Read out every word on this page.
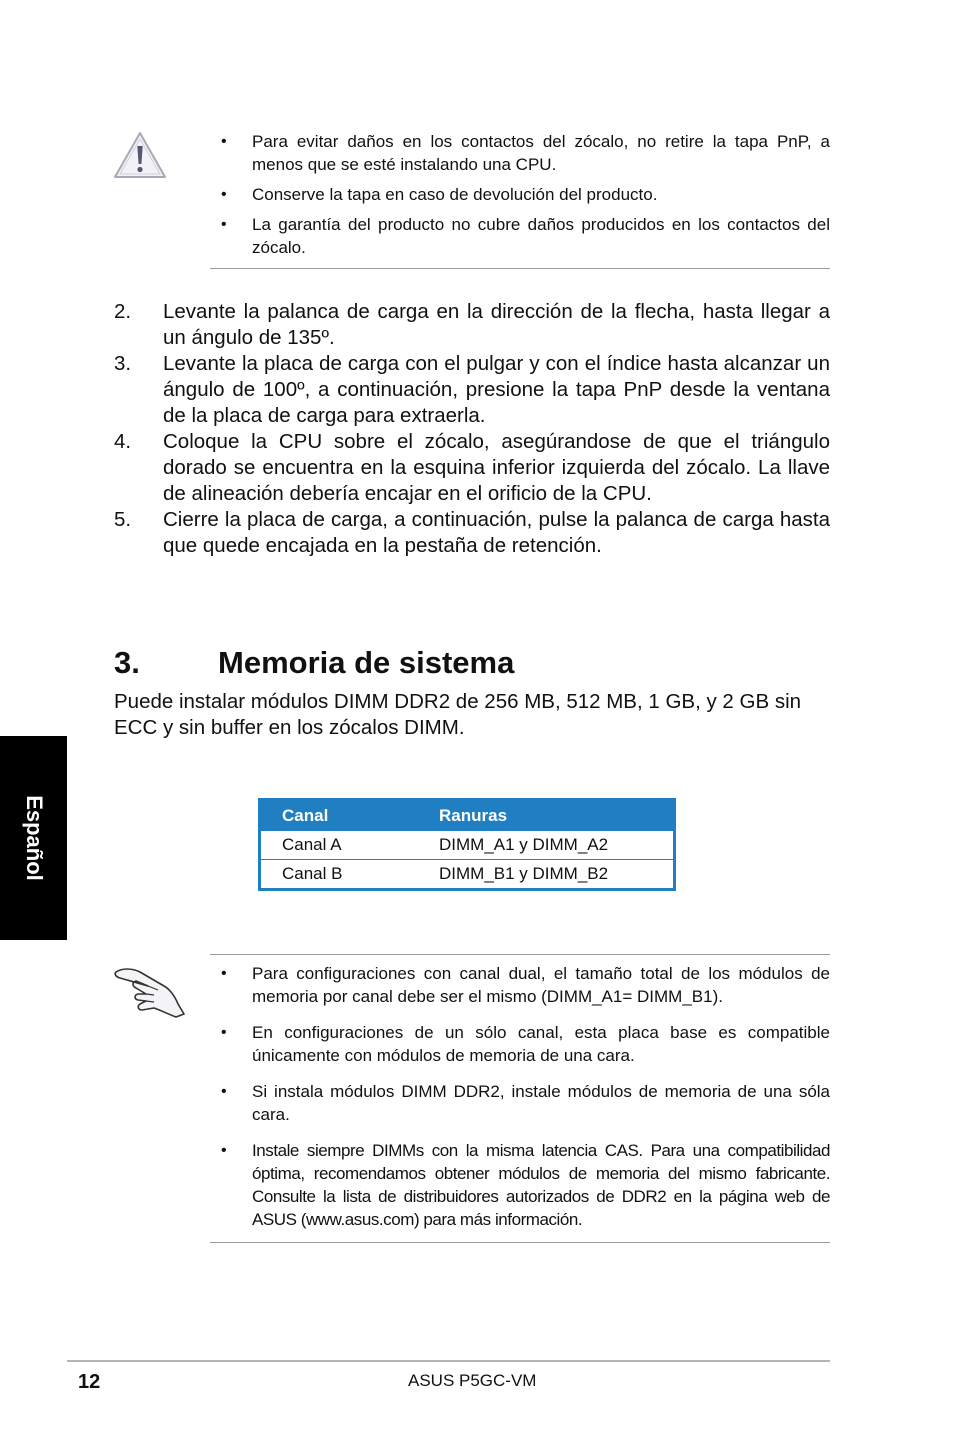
• Para evitar daños en los contactos del zócalo, no retire la tapa PnP, a menos que se esté instalando una CPU.
• Conserve la tapa en caso de devolución del producto.
• La garantía del producto no cubre daños producidos en los contactos del zócalo.
2. Levante la palanca de carga en la dirección de la flecha, hasta llegar a un ángulo de 135º.
3. Levante la placa de carga con el pulgar y con el índice hasta alcanzar un ángulo de 100º, a continuación, presione la tapa PnP desde la ventana de la placa de carga para extraerla.
4. Coloque la CPU sobre el zócalo, asegúrandose de que el triángulo dorado se encuentra en la esquina inferior izquierda del zócalo. La llave de alineación debería encajar en el orificio de la CPU.
5. Cierre la placa de carga, a continuación, pulse la palanca de carga hasta que quede encajada en la pestaña de retención.
3.	Memoria de sistema
Puede instalar módulos DIMM DDR2 de 256 MB, 512 MB, 1 GB, y 2 GB sin ECC y sin buffer en los zócalos DIMM.
Español	Canal	Ranuras
Canal A	DIMM_A1 y DIMM_A2
Canal B	DIMM_B1 y DIMM_B2
• Para configuraciones con canal dual, el tamaño total de los módulos de memoria por canal debe ser el mismo (DIMM_A1= DIMM_B1).
• En configuraciones de un sólo canal, esta placa base es compatible únicamente con módulos de memoria de una cara.
• Si instala módulos DIMM DDR2, instale módulos de memoria de una sóla cara.
• Instale siempre DIMMs con la misma latencia CAS. Para una compatibilidad óptima, recomendamos obtener módulos de memoria del mismo fabricante. Consulte la lista de distribuidores autorizados de DDR2 en la página web de ASUS (www.asus.com) para más información.
12	ASUS P5GC-VM
